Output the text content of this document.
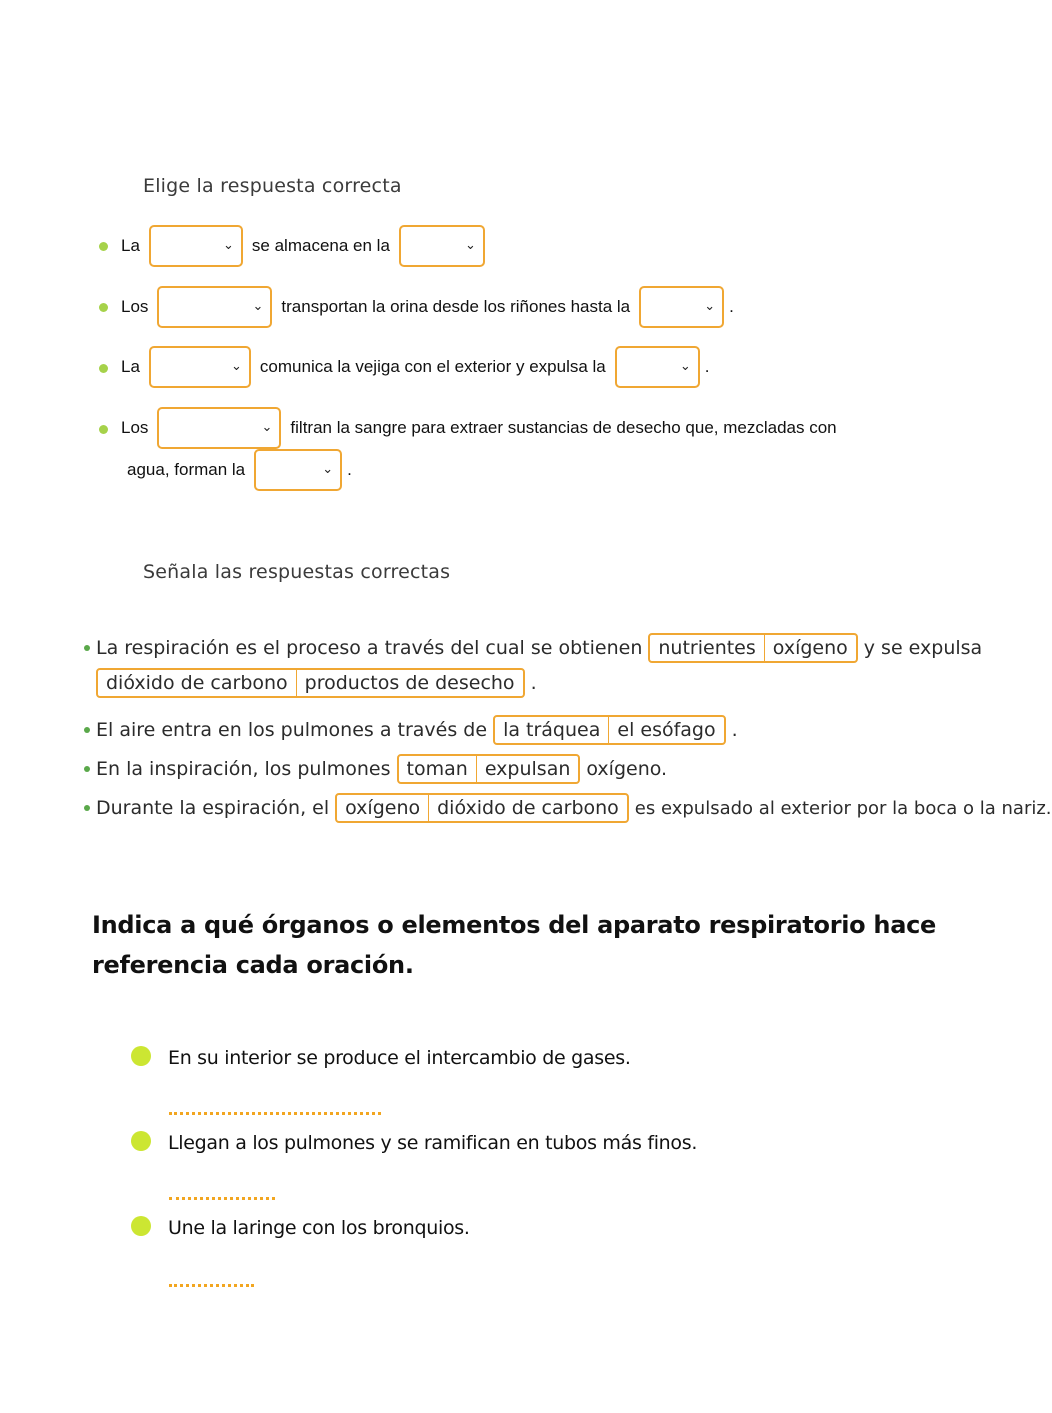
Elige la respuesta correcta
La	⌄ se almacena en la	⌄
Los	⌄ transportan la orina desde los riñones hasta la	⌄ .
La	⌄ comunica la vejiga con el exterior y expulsa la	⌄ .
Los	⌄ filtran la sangre para extraer sustancias de desecho que, mezcladas con
agua, forman la	⌄ .
Señala las respuestas correctas
La respiración es el proceso a través del cual se obtienen nutrientes oxígeno y se expulsa
dióxido de carbono productos de desecho .
El aire entra en los pulmones a través de la tráquea el esófago .
En la inspiración, los pulmones toman expulsan oxígeno.
Durante la espiración, el oxígeno dióxido de carbono es expulsado al exterior por la boca o la nariz.
Indica a qué órganos o elementos del aparato respiratorio hace
referencia cada oración.
En su interior se produce el intercambio de gases.
Llegan a los pulmones y se ramifican en tubos más finos.
Une la laringe con los bronquios.
